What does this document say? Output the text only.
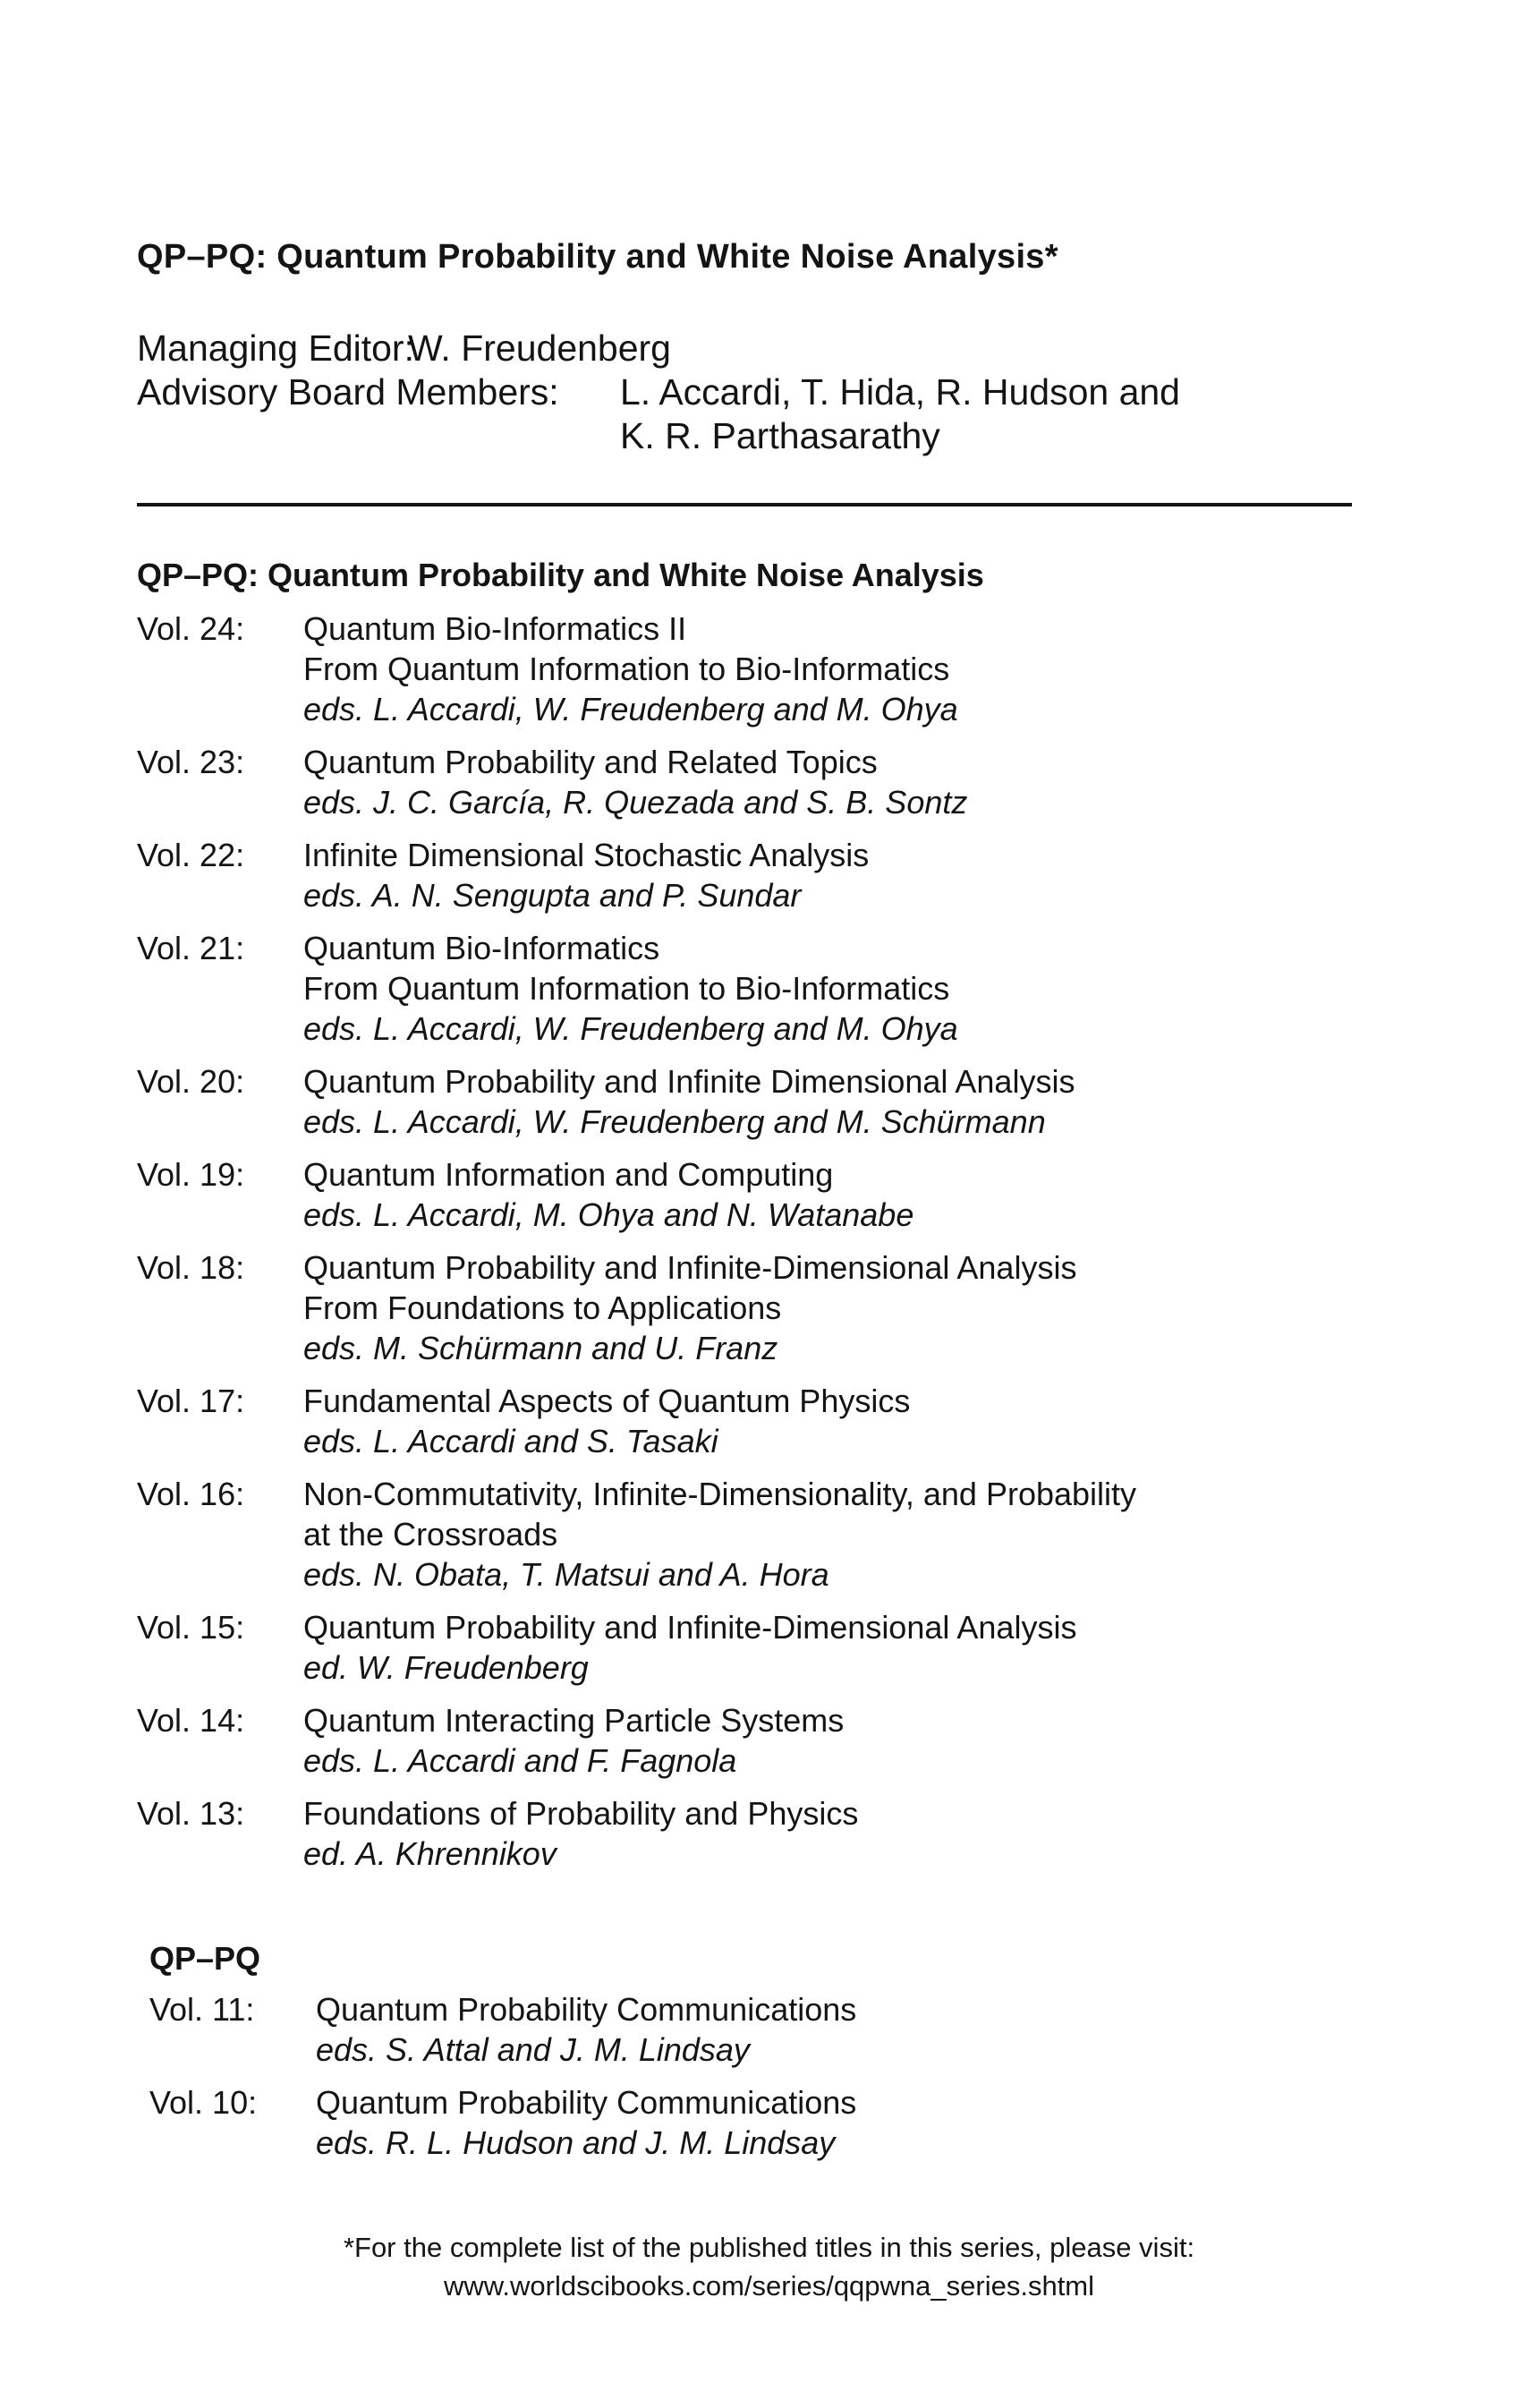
QP–PQ: Quantum Probability and White Noise Analysis*
Managing Editor:
W. Freudenberg
Advisory Board Members:	L. Accardi, T. Hida, R. Hudson and
K. R. Parthasarathy
QP–PQ: Quantum Probability and White Noise Analysis
Vol. 24:	Quantum Bio-Informatics II
From Quantum Information to Bio-Informatics
eds. L. Accardi, W. Freudenberg and M. Ohya
Vol. 23:	Quantum Probability and Related Topics
eds. J. C. García, R. Quezada and S. B. Sontz
Vol. 22:	Infinite Dimensional Stochastic Analysis
eds. A. N. Sengupta and P. Sundar
Vol. 21:	Quantum Bio-Informatics
From Quantum Information to Bio-Informatics
eds. L. Accardi, W. Freudenberg and M. Ohya
Vol. 20:	Quantum Probability and Infinite Dimensional Analysis
eds. L. Accardi, W. Freudenberg and M. Schürmann
Vol. 19:	Quantum Information and Computing
eds. L. Accardi, M. Ohya and N. Watanabe
Vol. 18:	Quantum Probability and Infinite-Dimensional Analysis
From Foundations to Applications
eds. M. Schürmann and U. Franz
Vol. 17:	Fundamental Aspects of Quantum Physics
eds. L. Accardi and S. Tasaki
Vol. 16:	Non-Commutativity, Infinite-Dimensionality, and Probability
at the Crossroads
eds. N. Obata, T. Matsui and A. Hora
Vol. 15:	Quantum Probability and Infinite-Dimensional Analysis
ed. W. Freudenberg
Vol. 14:	Quantum Interacting Particle Systems
eds. L. Accardi and F. Fagnola
Vol. 13:	Foundations of Probability and Physics
ed. A. Khrennikov
QP–PQ
Vol. 11:	Quantum Probability Communications
eds. S. Attal and J. M. Lindsay
Vol. 10:	Quantum Probability Communications
eds. R. L. Hudson and J. M. Lindsay
*For the complete list of the published titles in this series, please visit:
www.worldscibooks.com/series/qqpwna_series.shtml
